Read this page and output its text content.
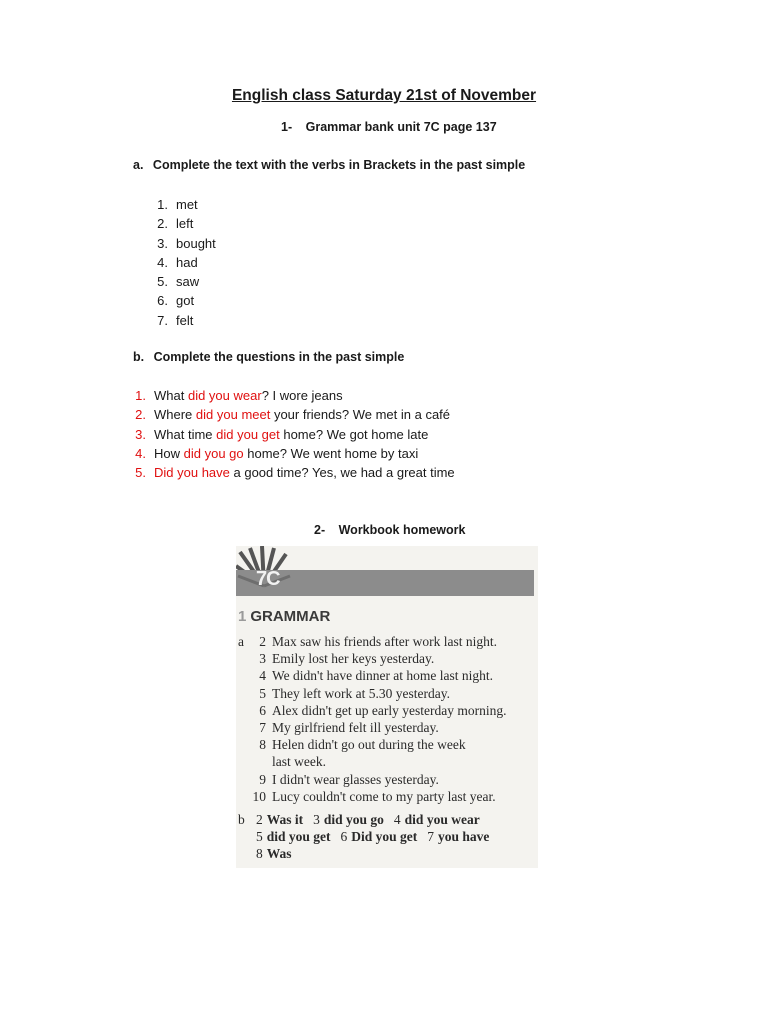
English class Saturday 21st of November
1- Grammar bank unit 7C page 137
a. Complete the text with the verbs in Brackets in the past simple
1. met
2. left
3. bought
4. had
5. saw
6. got
7. felt
b. Complete the questions in the past simple
1. What did you wear? I wore jeans
2. Where did you meet your friends? We met in a café
3. What time did you get home? We got home late
4. How did you go home? We went home by taxi
5. Did you have a good time? Yes, we had a great time
2- Workbook homework
7C
1 GRAMMAR
a	2 Max saw his friends after work last night.
3 Emily lost her keys yesterday.
4 We didn't have dinner at home last night.
5 They left work at 5.30 yesterday.
6 Alex didn't get up early yesterday morning.
7 My girlfriend felt ill yesterday.
8 Helen didn't go out during the week
last week.
9 I didn't wear glasses yesterday.
10 Lucy couldn't come to my party last year.
b 2 Was it 3 did you go 4 did you wear
5 did you get 6 Did you get 7 you have
8 Was
